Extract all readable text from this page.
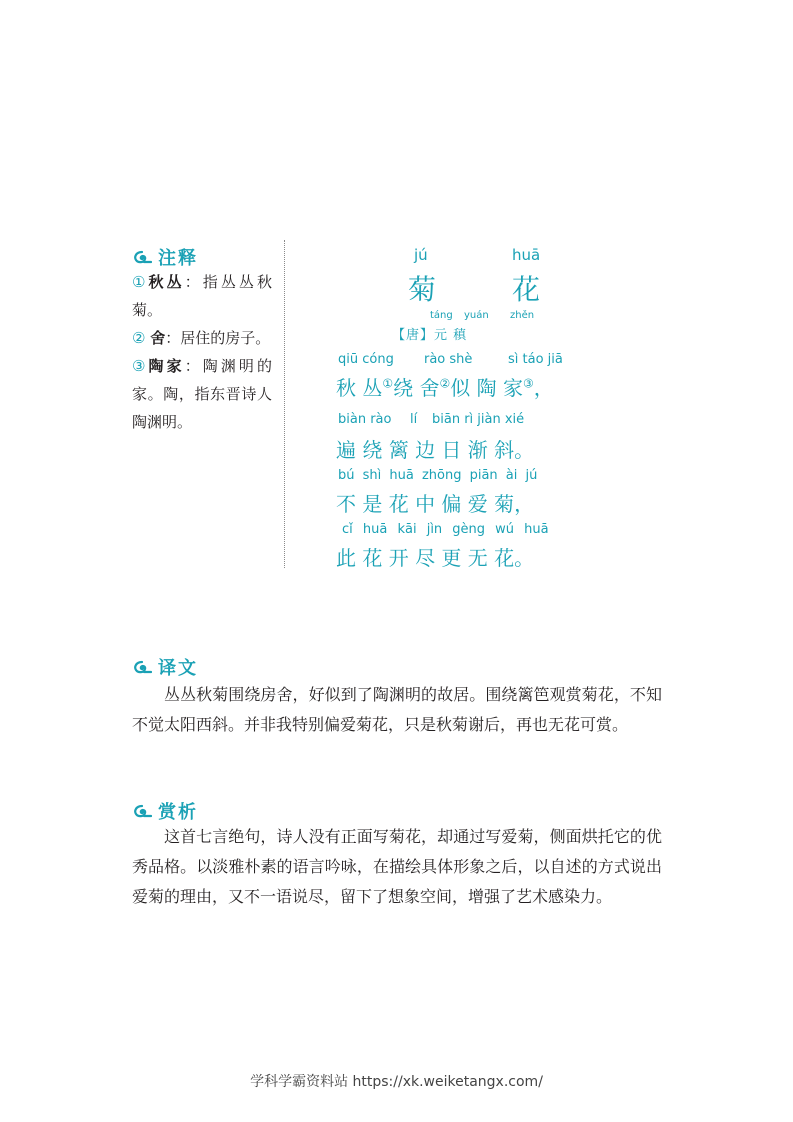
注释

①秋丛：指丛丛秋菊。

② 舍：居住的房子。

③陶家：陶渊明的家。陶，指东晋诗人陶渊明。

jú	huā
菊	花
táng yuán zhěn
【唐】元 稹
qiū cóng rào shè	sì táo jiā
秋 丛①绕 舍②似 陶 家③，
biàn rào lí biān rì jiàn xié
遍 绕 篱 边 日 渐 斜。
bú shì huā zhōng piān ài jú
不 是 花 中 偏 爱 菊，
cǐ huā kāi jìn gèng wú huā
此 花 开 尽 更 无 花。
译文

丛丛秋菊围绕房舍，好似到了陶渊明的故居。围绕篱笆观赏菊花，不知不觉太阳西斜。并非我特别偏爱菊花，只是秋菊谢后，再也无花可赏。

赏析

这首七言绝句，诗人没有正面写菊花，却通过写爱菊，侧面烘托它的优秀品格。以淡雅朴素的语言吟咏，在描绘具体形象之后，以自述的方式说出爱菊的理由，又不一语说尽，留下了想象空间，增强了艺术感染力。

学科学霸资料站 https://xk.weiketangx.com/
